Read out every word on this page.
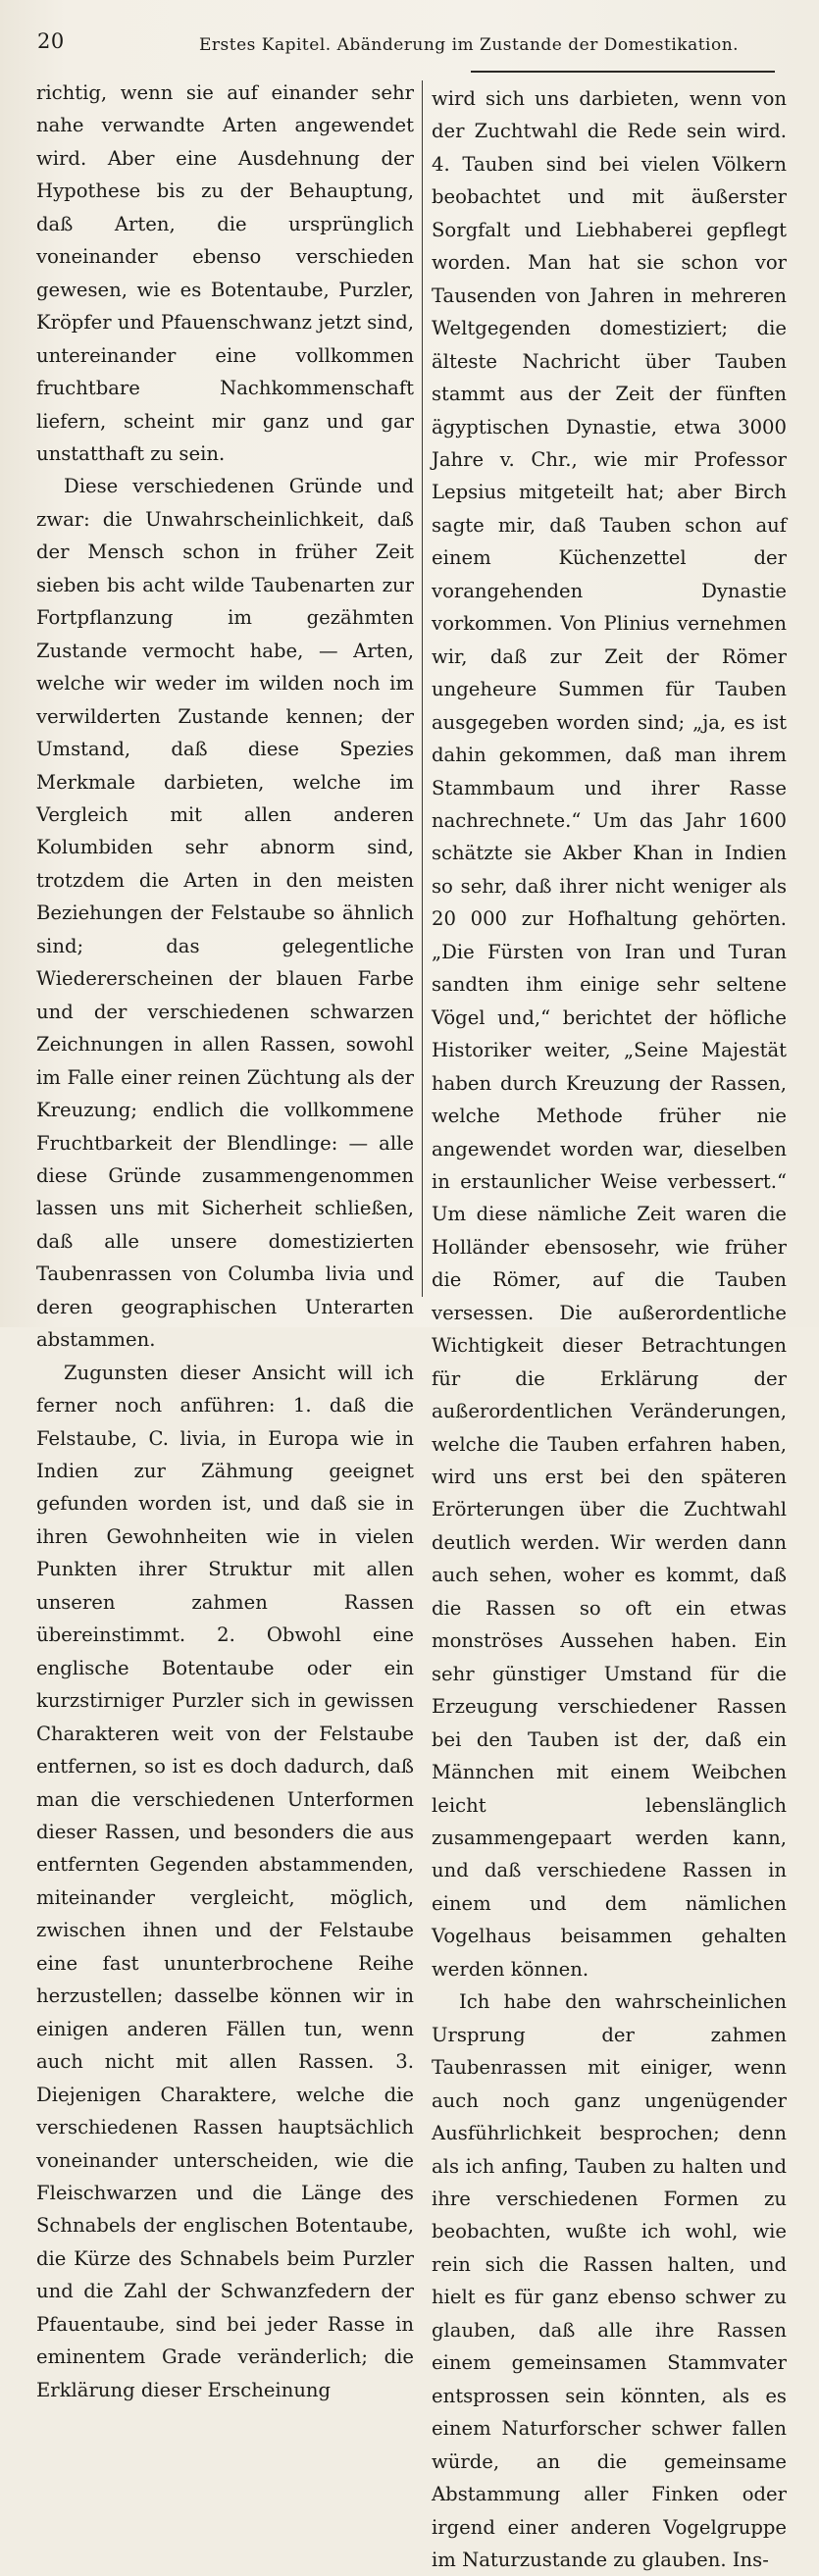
20	Erstes Kapitel. Abänderung im Zustande der Domestikation.

richtig, wenn sie auf einander sehr nahe verwandte Arten angewendet wird. Aber eine Ausdehnung der Hypothese bis zu der Behauptung, daß Arten, die ursprünglich voneinander ebenso verschieden gewesen, wie es Botentaube, Purzler, Kröpfer und Pfauenschwanz jetzt sind, untereinander eine vollkommen fruchtbare Nachkommenschaft liefern, scheint mir ganz und gar unstatthaft zu sein.

Diese verschiedenen Gründe und zwar: die Unwahrscheinlichkeit, daß der Mensch schon in früher Zeit sieben bis acht wilde Taubenarten zur Fortpflanzung im gezähmten Zustande vermocht habe, — Arten, welche wir weder im wilden noch im verwilderten Zustande kennen; der Umstand, daß diese Spezies Merkmale darbieten, welche im Vergleich mit allen anderen Kolumbiden sehr abnorm sind, trotzdem die Arten in den meisten Beziehungen der Felstaube so ähnlich sind; das gelegentliche Wiedererscheinen der blauen Farbe und der verschiedenen schwarzen Zeichnungen in allen Rassen, sowohl im Falle einer reinen Züchtung als der Kreuzung; endlich die vollkommene Fruchtbarkeit der Blendlinge: — alle diese Gründe zusammengenommen lassen uns mit Sicherheit schließen, daß alle unsere domestizierten Taubenrassen von Columba livia und deren geographischen Unterarten abstammen.

Zugunsten dieser Ansicht will ich ferner noch anführen: 1. daß die Felstaube, C. livia, in Europa wie in Indien zur Zähmung geeignet gefunden worden ist, und daß sie in ihren Gewohnheiten wie in vielen Punkten ihrer Struktur mit allen unseren zahmen Rassen übereinstimmt. 2. Obwohl eine englische Botentaube oder ein kurzstirniger Purzler sich in gewissen Charakteren weit von der Felstaube entfernen, so ist es doch dadurch, daß man die verschiedenen Unterformen dieser Rassen, und besonders die aus entfernten Gegenden abstammenden, miteinander vergleicht, möglich, zwischen ihnen und der Felstaube eine fast ununterbrochene Reihe herzustellen; dasselbe können wir in einigen anderen Fällen tun, wenn auch nicht mit allen Rassen. 3. Diejenigen Charaktere, welche die verschiedenen Rassen hauptsächlich voneinander unterscheiden, wie die Fleischwarzen und die Länge des Schnabels der englischen Botentaube, die Kürze des Schnabels beim Purzler und die Zahl der Schwanzfedern der Pfauentaube, sind bei jeder Rasse in eminentem Grade veränderlich; die Erklärung dieser Erscheinung

wird sich uns darbieten, wenn von der Zuchtwahl die Rede sein wird. 4. Tauben sind bei vielen Völkern beobachtet und mit äußerster Sorgfalt und Liebhaberei gepflegt worden. Man hat sie schon vor Tausenden von Jahren in mehreren Weltgegenden domestiziert; die älteste Nachricht über Tauben stammt aus der Zeit der fünften ägyptischen Dynastie, etwa 3000 Jahre v. Chr., wie mir Professor Lepsius mitgeteilt hat; aber Birch sagte mir, daß Tauben schon auf einem Küchenzettel der vorangehenden Dynastie vorkommen. Von Plinius vernehmen wir, daß zur Zeit der Römer ungeheure Summen für Tauben ausgegeben worden sind; „ja, es ist dahin gekommen, daß man ihrem Stammbaum und ihrer Rasse nachrechnete.“ Um das Jahr 1600 schätzte sie Akber Khan in Indien so sehr, daß ihrer nicht weniger als 20 000 zur Hofhaltung gehörten. „Die Fürsten von Iran und Turan sandten ihm einige sehr seltene Vögel und,“ berichtet der höfliche Historiker weiter, „Seine Majestät haben durch Kreuzung der Rassen, welche Methode früher nie angewendet worden war, dieselben in erstaunlicher Weise verbessert.“ Um diese nämliche Zeit waren die Holländer ebensosehr, wie früher die Römer, auf die Tauben versessen. Die außerordentliche Wichtigkeit dieser Betrachtungen für die Erklärung der außerordentlichen Veränderungen, welche die Tauben erfahren haben, wird uns erst bei den späteren Erörterungen über die Zuchtwahl deutlich werden. Wir werden dann auch sehen, woher es kommt, daß die Rassen so oft ein etwas monströses Aussehen haben. Ein sehr günstiger Umstand für die Erzeugung verschiedener Rassen bei den Tauben ist der, daß ein Männchen mit einem Weibchen leicht lebenslänglich zusammengepaart werden kann, und daß verschiedene Rassen in einem und dem nämlichen Vogelhaus beisammen gehalten werden können.

Ich habe den wahrscheinlichen Ursprung der zahmen Taubenrassen mit einiger, wenn auch noch ganz ungenügender Ausführlichkeit besprochen; denn als ich anfing, Tauben zu halten und ihre verschiedenen Formen zu beobachten, wußte ich wohl, wie rein sich die Rassen halten, und hielt es für ganz ebenso schwer zu glauben, daß alle ihre Rassen einem gemeinsamen Stammvater entsprossen sein könnten, als es einem Naturforscher schwer fallen würde, an die gemeinsame Abstammung aller Finken oder irgend einer anderen Vogelgruppe im Naturzustande zu glauben. Ins-
